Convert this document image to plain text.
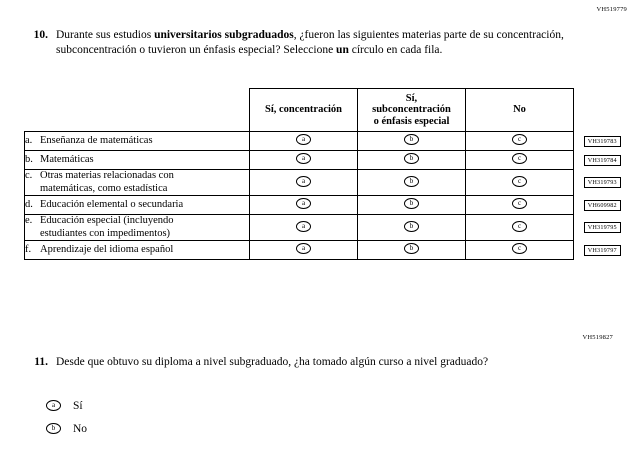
VH519779
10. Durante sus estudios universitarios subgraduados, ¿fueron las siguientes materias parte de su concentración, subconcentración o tuvieron un énfasis especial? Seleccione un círculo en cada fila.
	Sí, concentración	Sí,
subconcentración
o énfasis especial	No	
a. Enseñanza de matemáticas	a	b	c	VH319783
b. Matemáticas	a	b	c	VH319784
c. Otras materias relacionadas con
matemáticas, como estadística	a	b	c	VH319793
d. Educación elemental o secundaria	a	b	c	VH609982
e. Educación especial (incluyendo
estudiantes con impedimentos)	a	b	c	VH319795
f. Aprendizaje del idioma español	a	b	c	VH319797
VH519827
11. Desde que obtuvo su diploma a nivel subgraduado, ¿ha tomado algún curso a nivel graduado?
a	Sí
b	No
